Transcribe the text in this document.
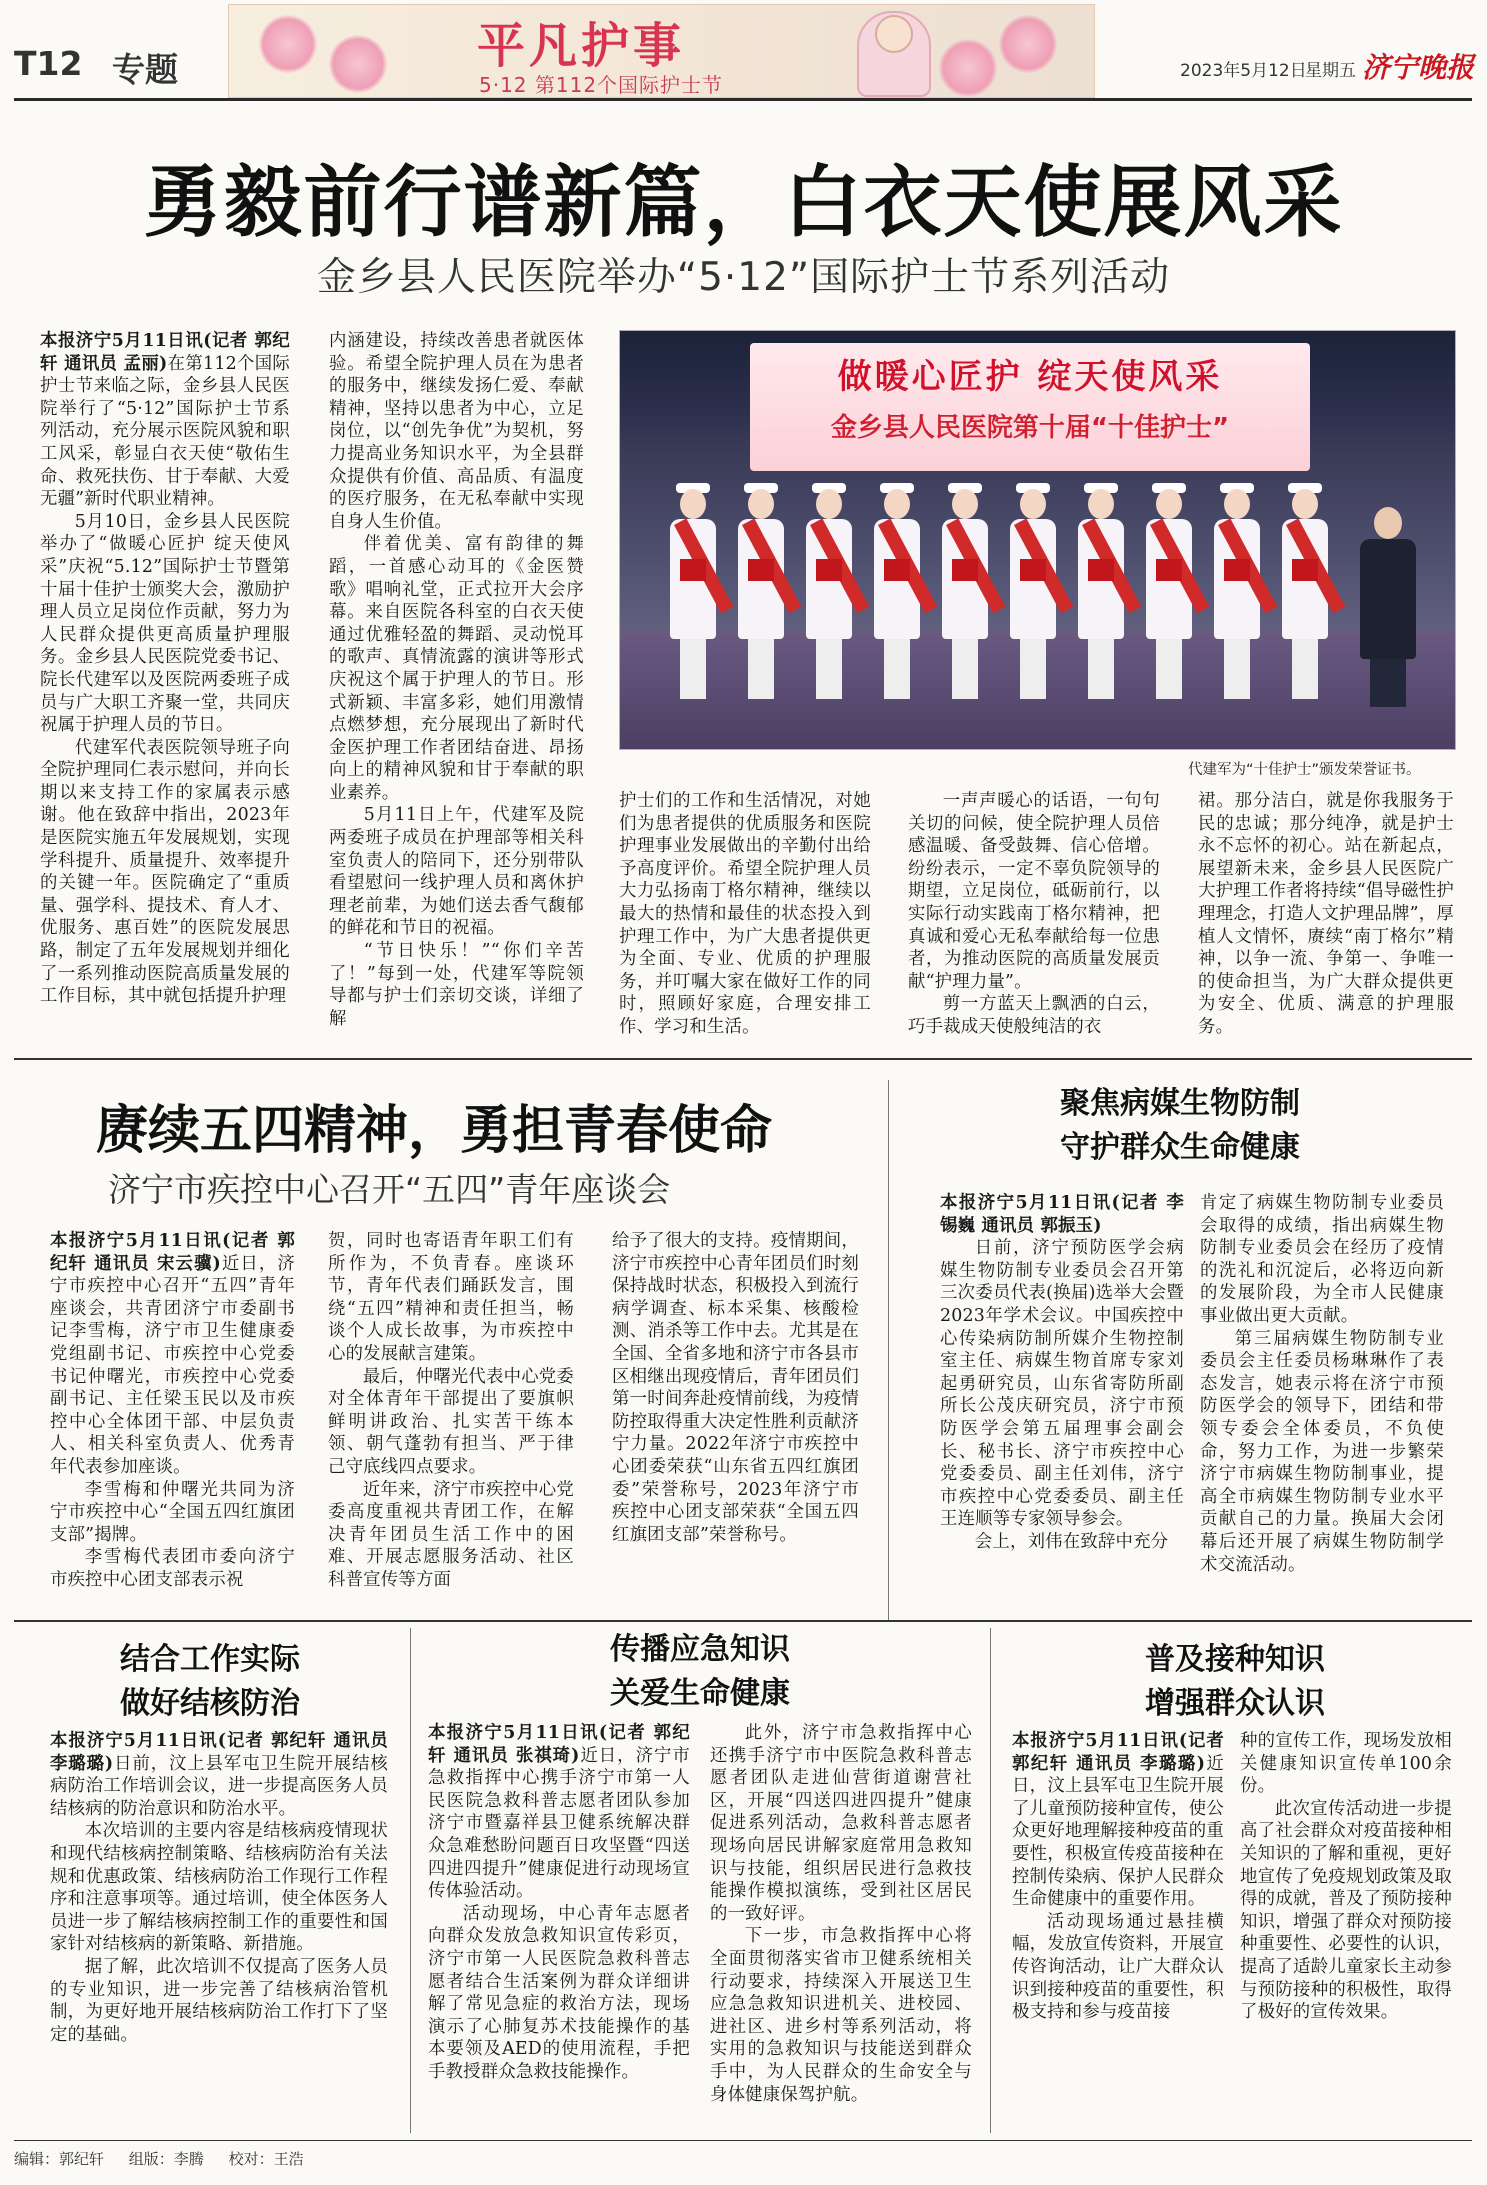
T12 专题	平凡护事
5·12 第112个国际护士节
2023年5月12日
星期五 济宁晚报
勇毅前行谱新篇，白衣天使展风采
金乡县人民医院举办“5·12”国际护士节系列活动

本报济宁5月11日讯(记者 郭纪轩 通讯员 孟丽)在第112个国际护士节来临之际，金乡县人民医院举行了“5·12”国际护士节系列活动，充分展示医院风貌和职工风采，彰显白衣天使“敬佑生命、救死扶伤、甘于奉献、大爱无疆”新时代职业精神。

5月10日，金乡县人民医院举办了“做暖心匠护 绽天使风采”庆祝“5.12”国际护士节暨第十届十佳护士颁奖大会，激励护理人员立足岗位作贡献，努力为人民群众提供更高质量护理服务。金乡县人民医院党委书记、院长代建军以及医院两委班子成员与广大职工齐聚一堂，共同庆祝属于护理人员的节日。

代建军代表医院领导班子向全院护理同仁表示慰问，并向长期以来支持工作的家属表示感谢。他在致辞中指出，2023年是医院实施五年发展规划，实现学科提升、质量提升、效率提升的关键一年。医院确定了“重质量、强学科、提技术、育人才、优服务、惠百姓”的医院发展思路，制定了五年发展规划并细化了一系列推动医院高质量发展的工作目标，其中就包括提升护理

内涵建设，持续改善患者就医体验。希望全院护理人员在为患者的服务中，继续发扬仁爱、奉献精神，坚持以患者为中心，立足岗位，以“创先争优”为契机，努力提高业务知识水平，为全县群众提供有价值、高品质、有温度的医疗服务，在无私奉献中实现自身人生价值。

伴着优美、富有韵律的舞蹈，一首感心动耳的《金医赞歌》唱响礼堂，正式拉开大会序幕。来自医院各科室的白衣天使通过优雅轻盈的舞蹈、灵动悦耳的歌声、真情流露的演讲等形式庆祝这个属于护理人的节日。形式新颖、丰富多彩，她们用激情点燃梦想，充分展现出了新时代金医护理工作者团结奋进、昂扬向上的精神风貌和甘于奉献的职业素养。

5月11日上午，代建军及院两委班子成员在护理部等相关科室负责人的陪同下，还分别带队看望慰问一线护理人员和离休护理老前辈，为她们送去香气馥郁的鲜花和节日的祝福。

“节日快乐！”“你们辛苦了！”每到一处，代建军等院领导都与护士们亲切交谈，详细了解

做暖心匠护 绽天使风采
金乡县人民医院第十届“十佳护士”
代建军为“十佳护士”颁发荣誉证书。

护士们的工作和生活情况，对她们为患者提供的优质服务和医院护理事业发展做出的辛勤付出给予高度评价。希望全院护理人员大力弘扬南丁格尔精神，继续以最大的热情和最佳的状态投入到护理工作中，为广大患者提供更为全面、专业、优质的护理服务，并叮嘱大家在做好工作的同时，照顾好家庭，合理安排工作、学习和生活。

一声声暖心的话语，一句句关切的问候，使全院护理人员倍感温暖、备受鼓舞、信心倍增。纷纷表示，一定不辜负院领导的期望，立足岗位，砥砺前行，以实际行动实践南丁格尔精神，把真诚和爱心无私奉献给每一位患者，为推动医院的高质量发展贡献“护理力量”。

剪一方蓝天上飘洒的白云，巧手裁成天使般纯洁的衣

裙。那分洁白，就是你我服务于民的忠诚；那分纯净，就是护士永不忘怀的初心。站在新起点，展望新未来，金乡县人民医院广大护理工作者将持续“倡导磁性护理理念，打造人文护理品牌”，厚植人文情怀，赓续“南丁格尔”精神，以争一流、争第一、争唯一的使命担当，为广大群众提供更为安全、优质、满意的护理服务。

赓续五四精神，勇担青春使命
济宁市疾控中心召开“五四”青年座谈会

本报济宁5月11日讯(记者 郭纪轩 通讯员 宋云骥)近日，济宁市疾控中心召开“五四”青年座谈会，共青团济宁市委副书记李雪梅，济宁市卫生健康委党组副书记、市疾控中心党委书记仲曙光，市疾控中心党委副书记、主任梁玉民以及市疾控中心全体团干部、中层负责人、相关科室负责人、优秀青年代表参加座谈。

李雪梅和仲曙光共同为济宁市疾控中心“全国五四红旗团支部”揭牌。

李雪梅代表团市委向济宁市疾控中心团支部表示祝

贺，同时也寄语青年职工们有所作为，不负青春。座谈环节，青年代表们踊跃发言，围绕“五四”精神和责任担当，畅谈个人成长故事，为市疾控中心的发展献言建策。

最后，仲曙光代表中心党委对全体青年干部提出了要旗帜鲜明讲政治、扎实苦干练本领、朝气蓬勃有担当、严于律己守底线四点要求。

近年来，济宁市疾控中心党委高度重视共青团工作，在解决青年团员生活工作中的困难、开展志愿服务活动、社区科普宣传等方面

给予了很大的支持。疫情期间，济宁市疾控中心青年团员们时刻保持战时状态，积极投入到流行病学调查、标本采集、核酸检测、消杀等工作中去。尤其是在全国、全省多地和济宁市各县市区相继出现疫情后，青年团员们第一时间奔赴疫情前线，为疫情防控取得重大决定性胜利贡献济宁力量。2022年济宁市疾控中心团委荣获“山东省五四红旗团委”荣誉称号，2023年济宁市疾控中心团支部荣获“全国五四红旗团支部”荣誉称号。

聚焦病媒生物防制
守护群众生命健康

本报济宁5月11日讯(记者 李锡巍 通讯员 郭振玉)

日前，济宁预防医学会病媒生物防制专业委员会召开第三次委员代表(换届)选举大会暨2023年学术会议。中国疾控中心传染病防制所媒介生物控制室主任、病媒生物首席专家刘起勇研究员，山东省寄防所副所长公茂庆研究员，济宁市预防医学会第五届理事会副会长、秘书长、济宁市疾控中心党委委员、副主任刘伟，济宁市疾控中心党委委员、副主任王连顺等专家领导参会。

会上，刘伟在致辞中充分

肯定了病媒生物防制专业委员会取得的成绩，指出病媒生物防制专业委员会在经历了疫情的洗礼和沉淀后，必将迈向新的发展阶段，为全市人民健康事业做出更大贡献。

第三届病媒生物防制专业委员会主任委员杨琳琳作了表态发言，她表示将在济宁市预防医学会的领导下，团结和带领专委会全体委员，不负使命，努力工作，为进一步繁荣济宁市病媒生物防制事业，提高全市病媒生物防制专业水平贡献自己的力量。换届大会闭幕后还开展了病媒生物防制学术交流活动。

结合工作实际
做好结核防治

本报济宁5月11日讯(记者 郭纪轩 通讯员 李璐璐)日前，汶上县军屯卫生院开展结核病防治工作培训会议，进一步提高医务人员结核病的防治意识和防治水平。

本次培训的主要内容是结核病疫情现状和现代结核病控制策略、结核病防治有关法规和优惠政策、结核病防治工作现行工作程序和注意事项等。通过培训，使全体医务人员进一步了解结核病控制工作的重要性和国家针对结核病的新策略、新措施。

据了解，此次培训不仅提高了医务人员的专业知识，进一步完善了结核病治管机制，为更好地开展结核病防治工作打下了坚定的基础。

传播应急知识
关爱生命健康

本报济宁5月11日讯(记者 郭纪轩 通讯员 张祺琦)近日，济宁市急救指挥中心携手济宁市第一人民医院急救科普志愿者团队参加济宁市暨嘉祥县卫健系统解决群众急难愁盼问题百日攻坚暨“四送四进四提升”健康促进行动现场宣传体验活动。

活动现场，中心青年志愿者向群众发放急救知识宣传彩页，济宁市第一人民医院急救科普志愿者结合生活案例为群众详细讲解了常见急症的救治方法，现场演示了心肺复苏术技能操作的基本要领及AED的使用流程，手把手教授群众急救技能操作。

此外，济宁市急救指挥中心还携手济宁市中医院急救科普志愿者团队走进仙营街道谢营社区，开展“四送四进四提升”健康促进系列活动，急救科普志愿者现场向居民讲解家庭常用急救知识与技能，组织居民进行急救技能操作模拟演练，受到社区居民的一致好评。

下一步，市急救指挥中心将全面贯彻落实省市卫健系统相关行动要求，持续深入开展送卫生应急急救知识进机关、进校园、进社区、进乡村等系列活动，将实用的急救知识与技能送到群众手中，为人民群众的生命安全与身体健康保驾护航。

普及接种知识
增强群众认识

本报济宁5月11日讯(记者 郭纪轩 通讯员 李璐璐)近日，汶上县军屯卫生院开展了儿童预防接种宣传，使公众更好地理解接种疫苗的重要性，积极宣传疫苗接种在控制传染病、保护人民群众生命健康中的重要作用。

活动现场通过悬挂横幅，发放宣传资料，开展宣传咨询活动，让广大群众认识到接种疫苗的重要性，积极支持和参与疫苗接

种的宣传工作，现场发放相关健康知识宣传单100余份。

此次宣传活动进一步提高了社会群众对疫苗接种相关知识的了解和重视，更好地宣传了免疫规划政策及取得的成就，普及了预防接种知识，增强了群众对预防接种重要性、必要性的认识，提高了适龄儿童家长主动参与预防接种的积极性，取得了极好的宣传效果。

编辑：郭纪轩 组版：李腾 校对：王浩
